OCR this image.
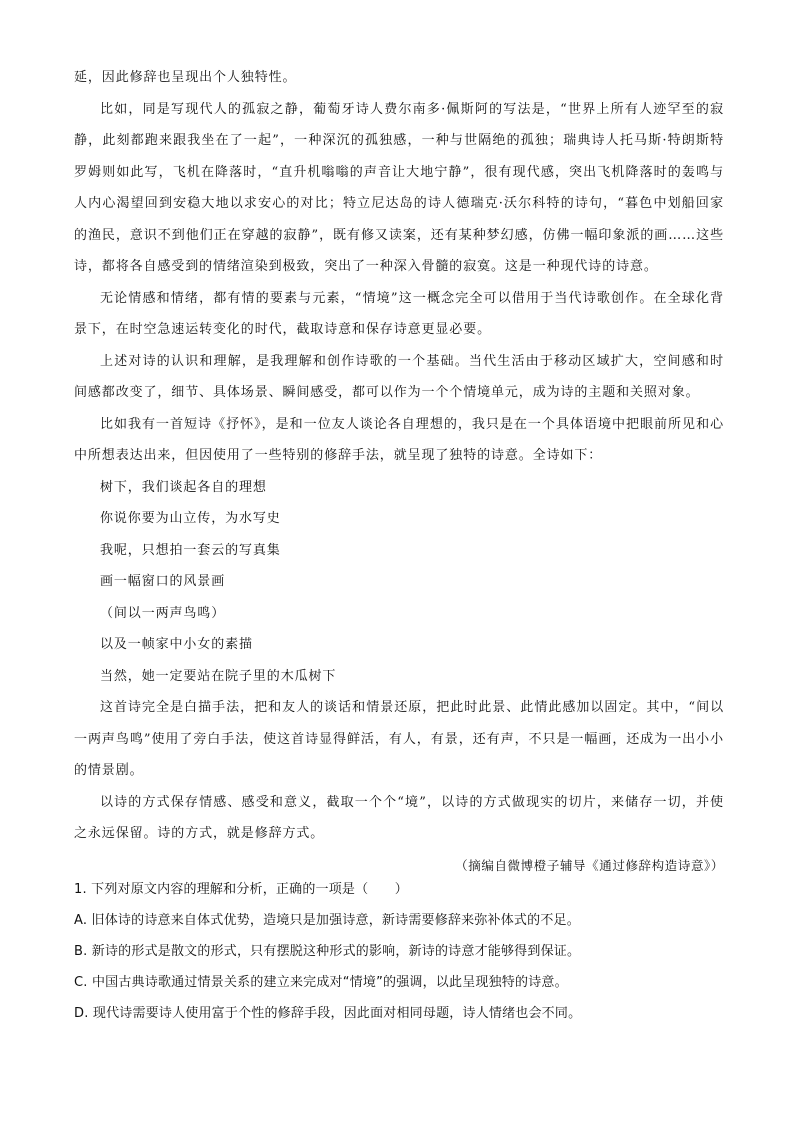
延，因此修辞也呈现出个人独特性。

比如，同是写现代人的孤寂之静，葡萄牙诗人费尔南多·佩斯阿的写法是，“世界上所有人迹罕至的寂静，此刻都跑来跟我坐在了一起”，一种深沉的孤独感，一种与世隔绝的孤独；瑞典诗人托马斯·特朗斯特罗姆则如此写，飞机在降落时，“直升机嗡嗡的声音让大地宁静”，很有现代感，突出飞机降落时的轰鸣与人内心渴望回到安稳大地以求安心的对比；特立尼达岛的诗人德瑞克·沃尔科特的诗句，“暮色中划船回家的渔民，意识不到他们正在穿越的寂静”，既有修又读案，还有某种梦幻感，仿佛一幅印象派的画……这些诗，都将各自感受到的情绪渲染到极致，突出了一种深入骨髓的寂寞。这是一种现代诗的诗意。

无论情感和情绪，都有情的要素与元素，“情境”这一概念完全可以借用于当代诗歌创作。在全球化背景下，在时空急速运转变化的时代，截取诗意和保存诗意更显必要。

上述对诗的认识和理解，是我理解和创作诗歌的一个基础。当代生活由于移动区域扩大，空间感和时间感都改变了，细节、具体场景、瞬间感受，都可以作为一个个情境单元，成为诗的主题和关照对象。

比如我有一首短诗《抒怀》，是和一位友人谈论各自理想的，我只是在一个具体语境中把眼前所见和心中所想表达出来，但因使用了一些特别的修辞手法，就呈现了独特的诗意。全诗如下：

树下，我们谈起各自的理想

你说你要为山立传，为水写史

我呢，只想拍一套云的写真集

画一幅窗口的风景画

（间以一两声鸟鸣）

以及一帧家中小女的素描

当然，她一定要站在院子里的木瓜树下

这首诗完全是白描手法，把和友人的谈话和情景还原，把此时此景、此情此感加以固定。其中，“间以一两声鸟鸣”使用了旁白手法，使这首诗显得鲜活，有人，有景，还有声，不只是一幅画，还成为一出小小的情景剧。

以诗的方式保存情感、感受和意义，截取一个个“境”，以诗的方式做现实的切片，来储存一切，并使之永远保留。诗的方式，就是修辞方式。

（摘编自微博橙子辅导《通过修辞构造诗意》）

1. 下列对原文内容的理解和分析，正确的一项是（　　）

A. 旧体诗的诗意来自体式优势，造境只是加强诗意，新诗需要修辞来弥补体式的不足。

B. 新诗的形式是散文的形式，只有摆脱这种形式的影响，新诗的诗意才能够得到保证。

C. 中国古典诗歌通过情景关系的建立来完成对“情境”的强调，以此呈现独特的诗意。

D. 现代诗需要诗人使用富于个性的修辞手段，因此面对相同母题，诗人情绪也会不同。
